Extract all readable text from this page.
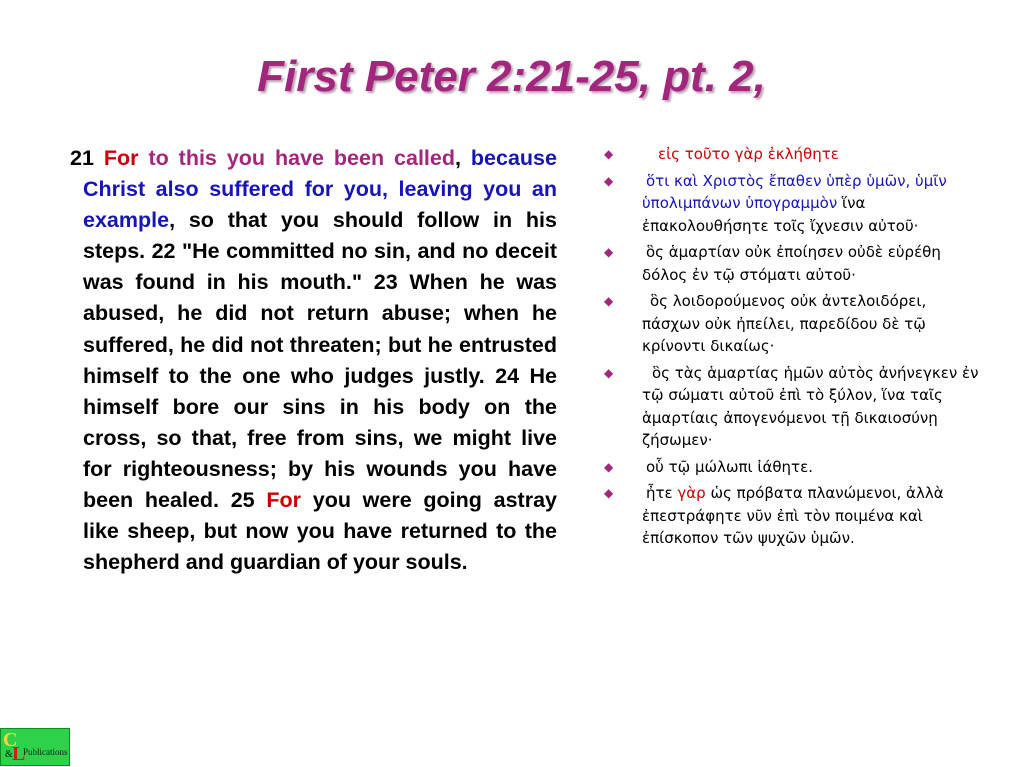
First Peter 2:21-25, pt. 2,
21 For to this you have been called, because Christ also suffered for you, leaving you an example, so that you should follow in his steps. 22 "He committed no sin, and no deceit was found in his mouth." 23 When he was abused, he did not return abuse; when he suffered, he did not threaten; but he entrusted himself to the one who judges justly. 24 He himself bore our sins in his body on the cross, so that, free from sins, we might live for righteousness; by his wounds you have been healed. 25 For you were going astray like sheep, but now you have returned to the shepherd and guardian of your souls.
◆	εἰς τοῦτο γὰρ ἐκλήθητε
◆ ὅτι καὶ Χριστὸς ἔπαθεν ὑπὲρ ὑμῶν, ὑμῖν ὑπολιμπάνων ὑπογραμμὸν ἵνα ἐπακολουθήσητε τοῖς ἴχνεσιν αὐτοῦ·
◆ ὃς ἁμαρτίαν οὐκ ἐποίησεν οὐδὲ εὑρέθη δόλος ἐν τῷ στόματι αὐτοῦ·
◆ ὃς λοιδορούμενος οὐκ ἀντελοιδόρει, πάσχων οὐκ ἠπείλει, παρεδίδου δὲ τῷ κρίνοντι δικαίως·
◆	ὃς τὰς ἁμαρτίας ἡμῶν αὐτὸς ἀνήνεγκεν ἐν τῷ σώματι αὐτοῦ ἐπὶ τὸ ξύλον, ἵνα ταῖς ἁμαρτίαις ἀπογενόμενοι τῇ δικαιοσύνῃ ζήσωμεν·
◆ οὗ τῷ μώλωπι ἰάθητε.
◆ ἦτε γὰρ ὡς πρόβατα πλανώμενοι, ἀλλὰ ἐπεστράφητε νῦν ἐπὶ τὸν ποιμένα καὶ ἐπίσκοπον τῶν ψυχῶν ὑμῶν.
C
& L
Publications
